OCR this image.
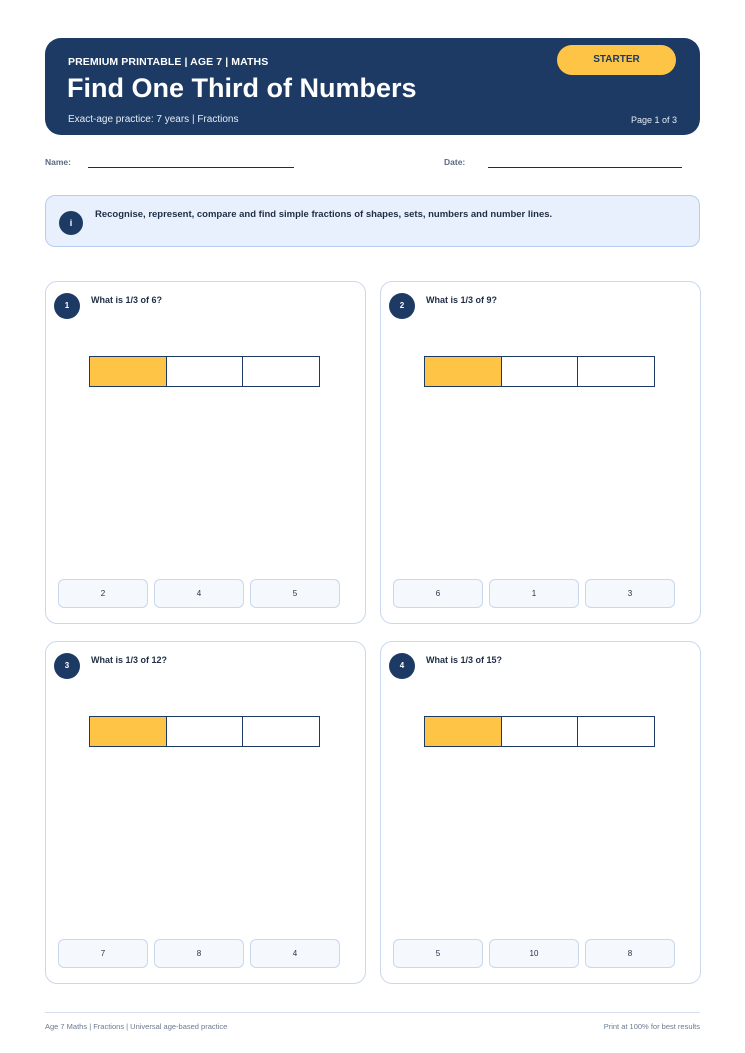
PREMIUM PRINTABLE | AGE 7 | MATHS
Find One Third of Numbers
Exact-age practice: 7 years | Fractions
STARTER
Page 1 of 3
Name:	Date:
i
Recognise, represent, compare and find simple fractions of shapes, sets, numbers and number lines.
1
What is 1/3 of 6?
2	4	5
2
What is 1/3 of 9?
6	1	3
3
What is 1/3 of 12?
7	8	4
4
What is 1/3 of 15?
5	10	8
Age 7 Maths | Fractions | Universal age-based practice	Print at 100% for best results
